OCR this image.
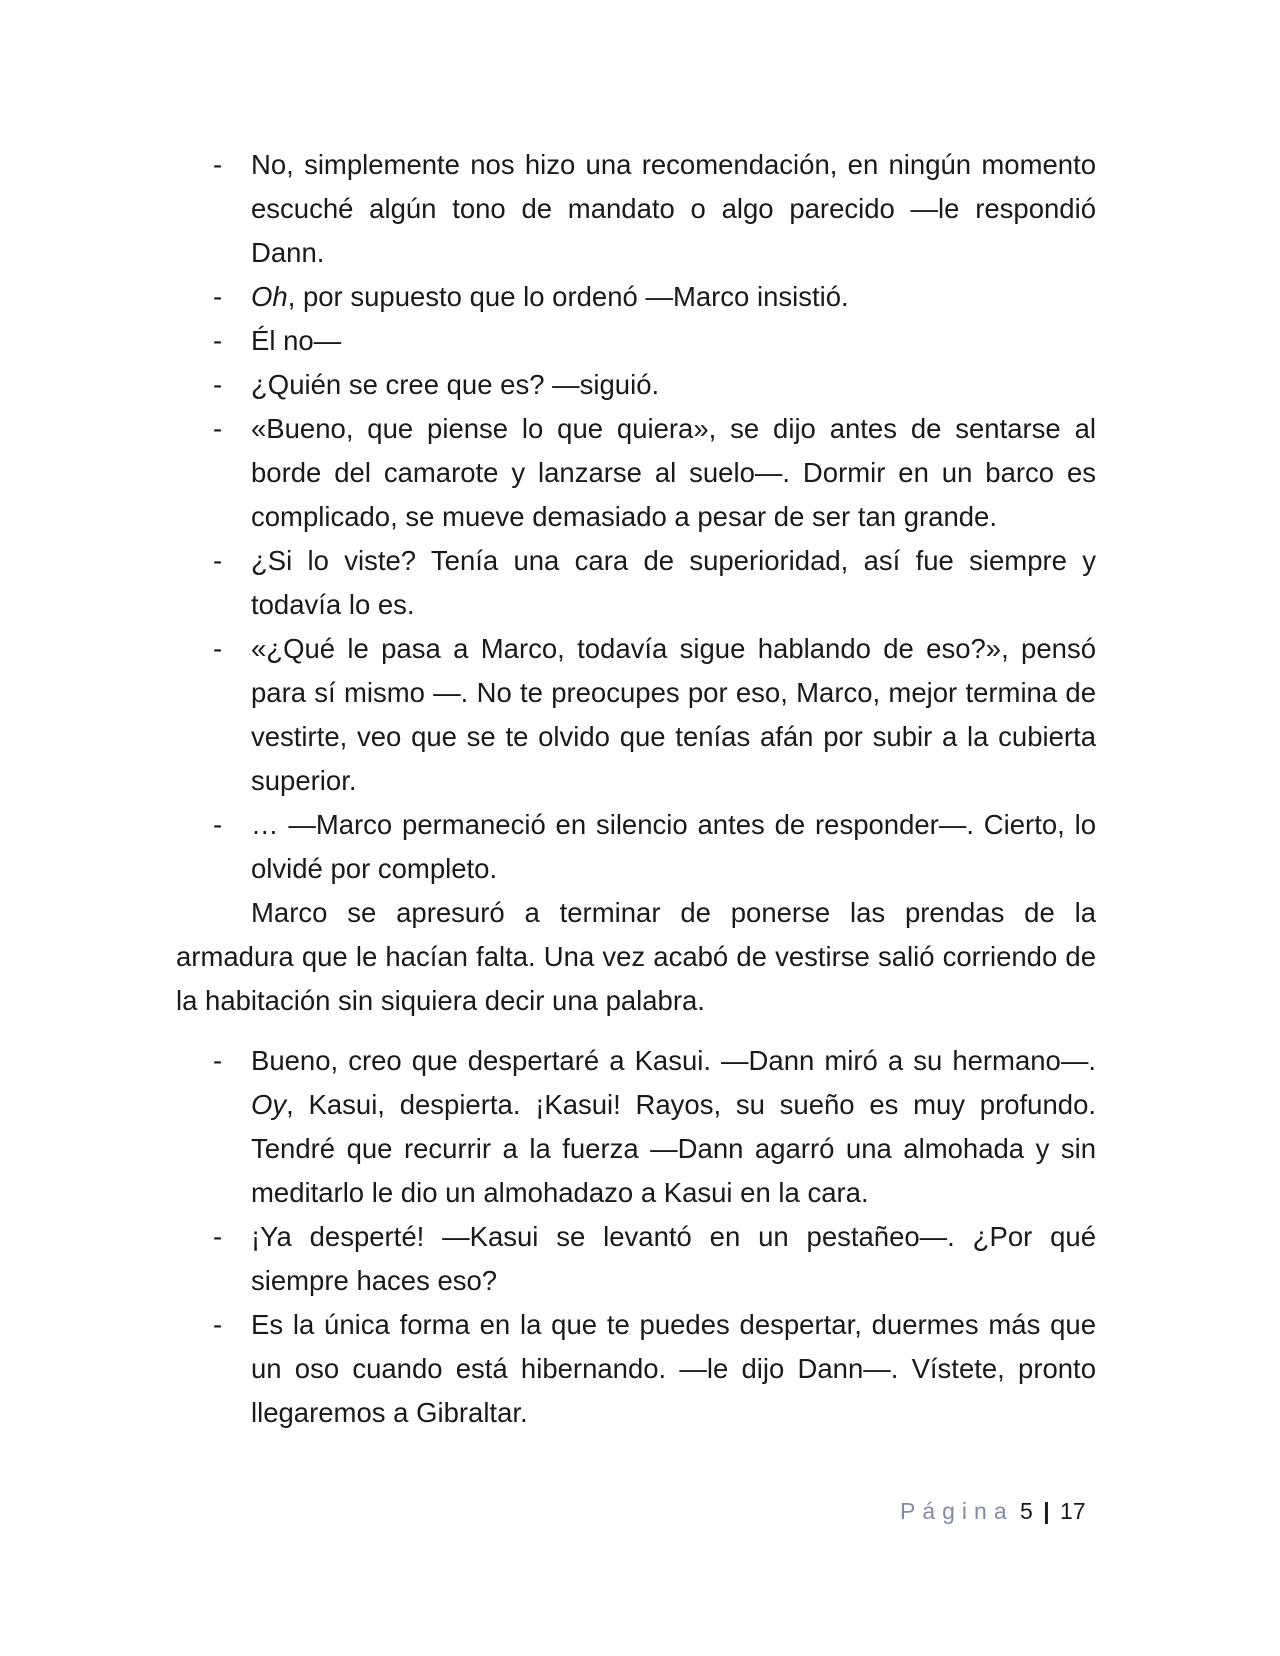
- No, simplemente nos hizo una recomendación, en ningún momento escuché algún tono de mandato o algo parecido —le respondió Dann.
- Oh, por supuesto que lo ordenó —Marco insistió.
- Él no—
- ¿Quién se cree que es? —siguió.
- «Bueno, que piense lo que quiera», se dijo antes de sentarse al borde del camarote y lanzarse al suelo—. Dormir en un barco es complicado, se mueve demasiado a pesar de ser tan grande.
- ¿Si lo viste? Tenía una cara de superioridad, así fue siempre y todavía lo es.
- «¿Qué le pasa a Marco, todavía sigue hablando de eso?», pensó para sí mismo —. No te preocupes por eso, Marco, mejor termina de vestirte, veo que se te olvido que tenías afán por subir a la cubierta superior.
- … —Marco permaneció en silencio antes de responder—. Cierto, lo olvidé por completo.

Marco se apresuró a terminar de ponerse las prendas de la armadura que le hacían falta. Una vez acabó de vestirse salió corriendo de la habitación sin siquiera decir una palabra.

- Bueno, creo que despertaré a Kasui. —Dann miró a su hermano—. Oy, Kasui, despierta. ¡Kasui! Rayos, su sueño es muy profundo. Tendré que recurrir a la fuerza —Dann agarró una almohada y sin meditarlo le dio un almohadazo a Kasui en la cara.
- ¡Ya desperté! —Kasui se levantó en un pestañeo—. ¿Por qué siempre haces eso?
- Es la única forma en la que te puedes despertar, duermes más que un oso cuando está hibernando. —le dijo Dann—. Vístete, pronto llegaremos a Gibraltar.
Página 5 | 17
